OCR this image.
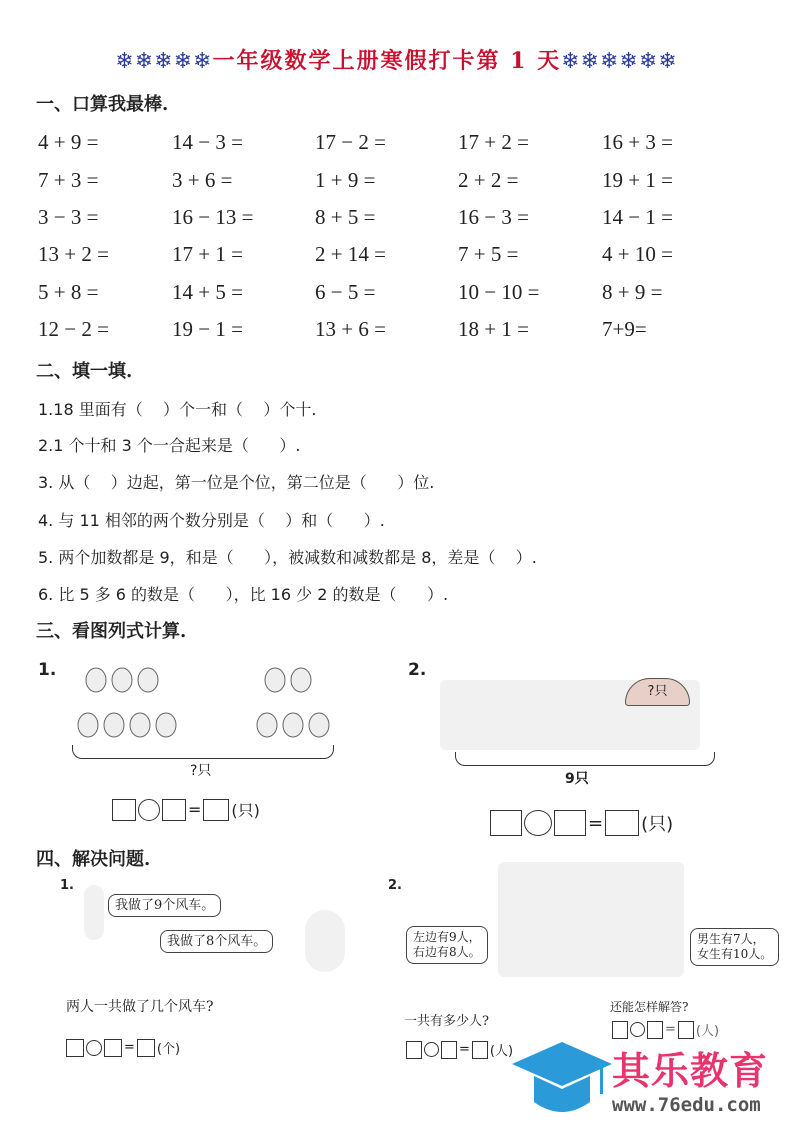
❄❄❄❄❄一年级数学上册寒假打卡第 1 天❄❄❄❄❄❄
一、口算我最棒.
4 + 9 =	14 − 3 =	17 − 2 =	17 + 2 =	16 + 3 =
7 + 3 =	3 + 6 =	1 + 9 =	2 + 2 =	19 + 1 =
3 − 3 =	16 − 13 =	8 + 5 =	16 − 3 =	14 − 1 =
13 + 2 =	17 + 1 =	2 + 14 =	7 + 5 =	4 + 10 =
5 + 8 =	14 + 5 =	6 − 5 =	10 − 10 =	8 + 9 =
12 − 2 =	19 − 1 =	13 + 6 =	18 + 1 =	7+9=
二、填一填.
1.18 里面有（    ）个一和（    ）个十.
2.1 个十和 3 个一合起来是（      ）.
3. 从（    ）边起，第一位是个位，第二位是（      ）位.
4. 与 11 相邻的两个数分别是（    ）和（      ）.
5. 两个加数都是 9，和是（      ），被减数和减数都是 8，差是（    ）.
6. 比 5 多 6 的数是（      ），比 16 少 2 的数是（      ）.
三、看图列式计算.
1.
?只
= (只)
2.
?只
9只
= (只)
四、解决问题.
1.
我做了9个风车。
我做了8个风车。
两人一共做了几个风车?
= (个)
2.
左边有9人，
右边有8人。
男生有7人，
女生有10人。
一共有多少人?
= (人)
还能怎样解答?
= (人)
其乐教育
www.76edu.com
